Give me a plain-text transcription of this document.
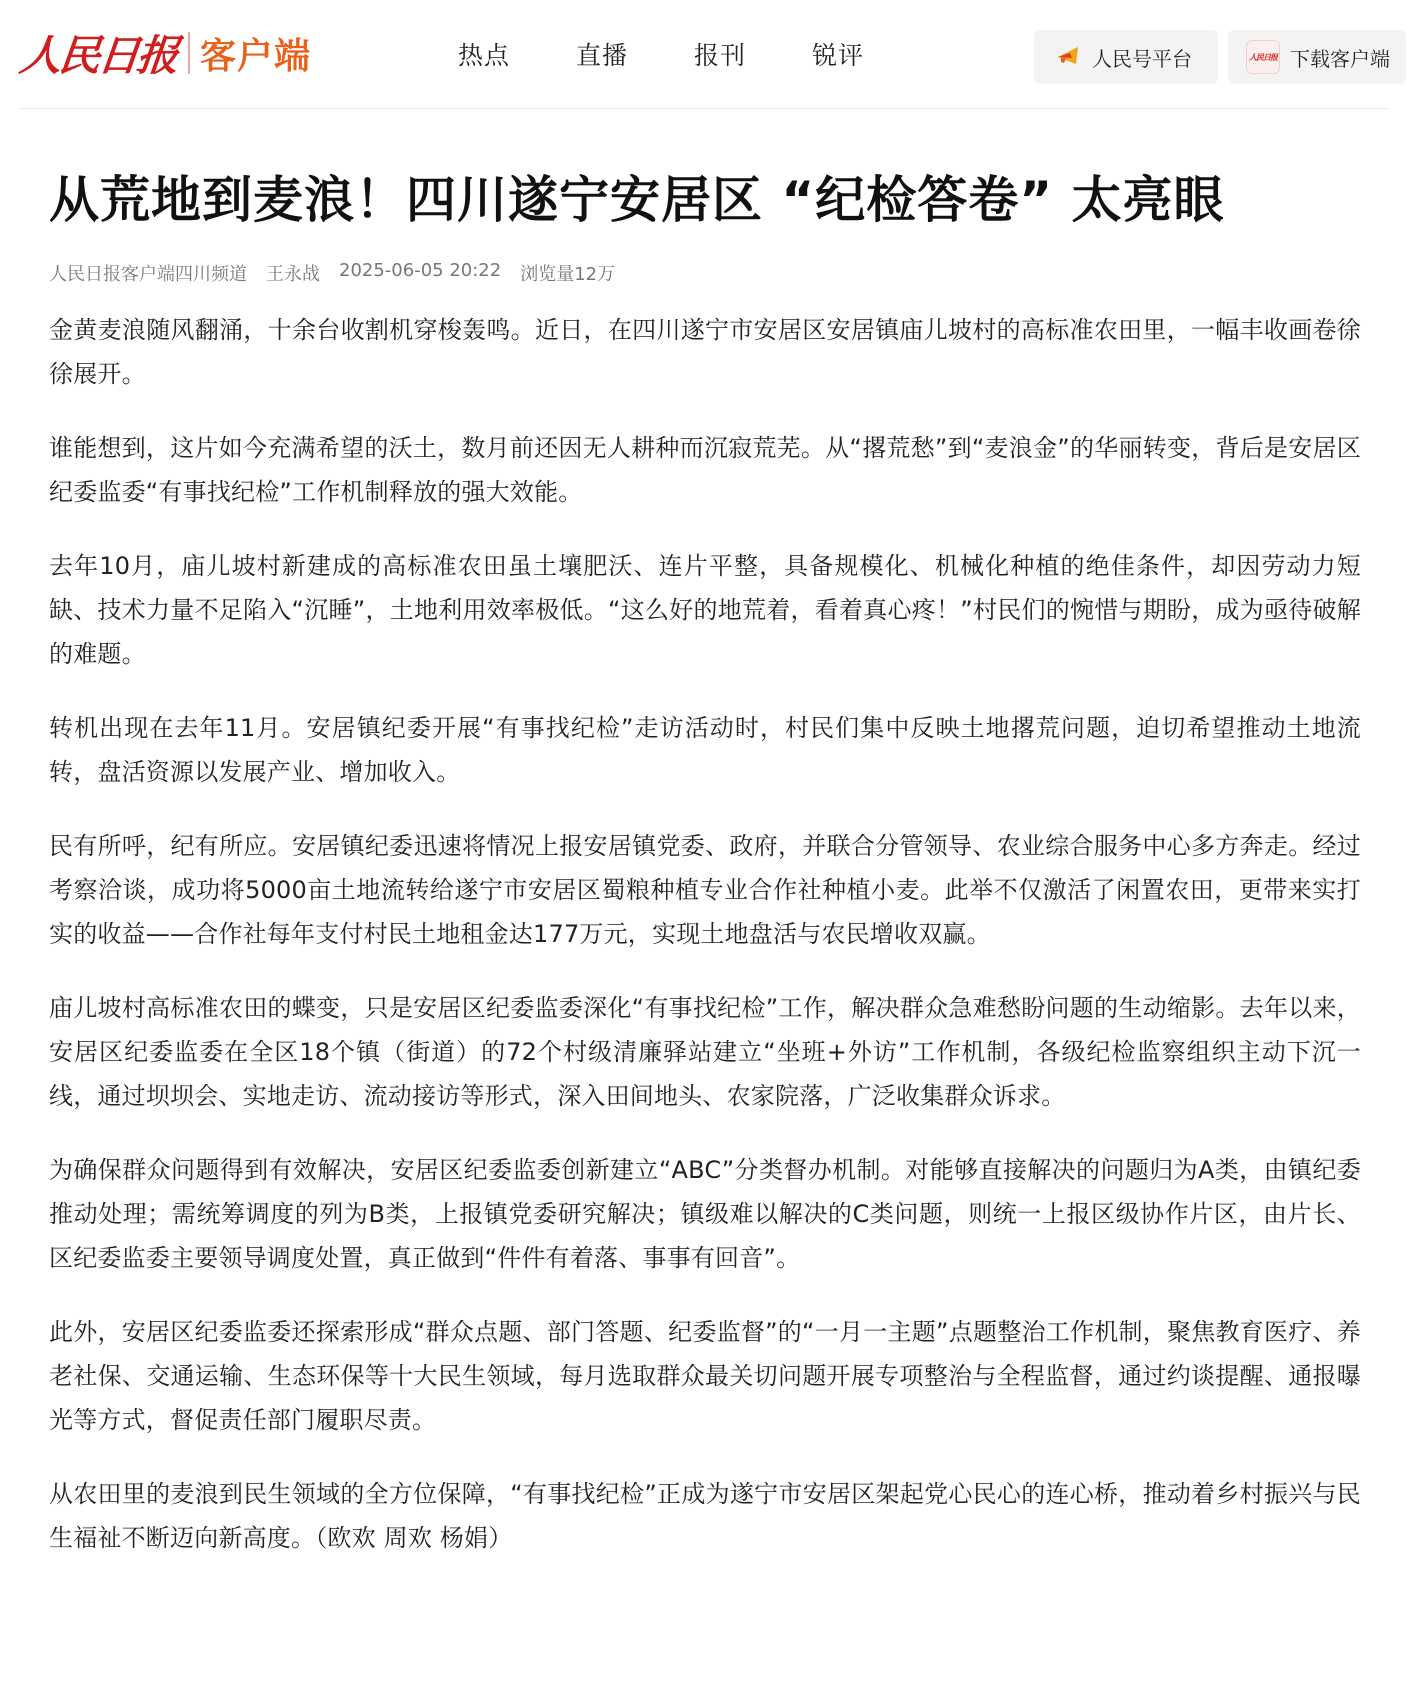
人民日报 客户端	热点	直播	报刊	锐评	人民号平台	人民日报 下载客户端
从荒地到麦浪！四川遂宁安居区 “纪检答卷” 太亮眼
人民日报客户端四川频道 王永战 2025-06-05 20:22 浏览量12万

金黄麦浪随风翻涌，十余台收割机穿梭轰鸣。近日，在四川遂宁市安居区安居镇庙儿坡村的高标准农田里，一幅丰收画卷徐徐展开。

谁能想到，这片如今充满希望的沃土，数月前还因无人耕种而沉寂荒芜。从“撂荒愁”到“麦浪金”的华丽转变，背后是安居区纪委监委“有事找纪检”工作机制释放的强大效能。

去年10月，庙儿坡村新建成的高标准农田虽土壤肥沃、连片平整，具备规模化、机械化种植的绝佳条件，却因劳动力短缺、技术力量不足陷入“沉睡”，土地利用效率极低。“这么好的地荒着，看着真心疼！”村民们的惋惜与期盼，成为亟待破解的难题。

转机出现在去年11月。安居镇纪委开展“有事找纪检”走访活动时，村民们集中反映土地撂荒问题，迫切希望推动土地流转，盘活资源以发展产业、增加收入。

民有所呼，纪有所应。安居镇纪委迅速将情况上报安居镇党委、政府，并联合分管领导、农业综合服务中心多方奔走。经过考察洽谈，成功将5000亩土地流转给遂宁市安居区蜀粮种植专业合作社种植小麦。此举不仅激活了闲置农田，更带来实打实的收益——合作社每年支付村民土地租金达177万元，实现土地盘活与农民增收双赢。

庙儿坡村高标准农田的蝶变，只是安居区纪委监委深化“有事找纪检”工作，解决群众急难愁盼问题的生动缩影。去年以来，安居区纪委监委在全区18个镇（街道）的72个村级清廉驿站建立“坐班+外访”工作机制，各级纪检监察组织主动下沉一线，通过坝坝会、实地走访、流动接访等形式，深入田间地头、农家院落，广泛收集群众诉求。

为确保群众问题得到有效解决，安居区纪委监委创新建立“ABC”分类督办机制。对能够直接解决的问题归为A类，由镇纪委推动处理；需统筹调度的列为B类，上报镇党委研究解决；镇级难以解决的C类问题，则统一上报区级协作片区，由片长、区纪委监委主要领导调度处置，真正做到“件件有着落、事事有回音”。

此外，安居区纪委监委还探索形成“群众点题、部门答题、纪委监督”的“一月一主题”点题整治工作机制，聚焦教育医疗、养老社保、交通运输、生态环保等十大民生领域，每月选取群众最关切问题开展专项整治与全程监督，通过约谈提醒、通报曝光等方式，督促责任部门履职尽责。

从农田里的麦浪到民生领域的全方位保障，“有事找纪检”正成为遂宁市安居区架起党心民心的连心桥，推动着乡村振兴与民生福祉不断迈向新高度。（欧欢 周欢 杨娟）
